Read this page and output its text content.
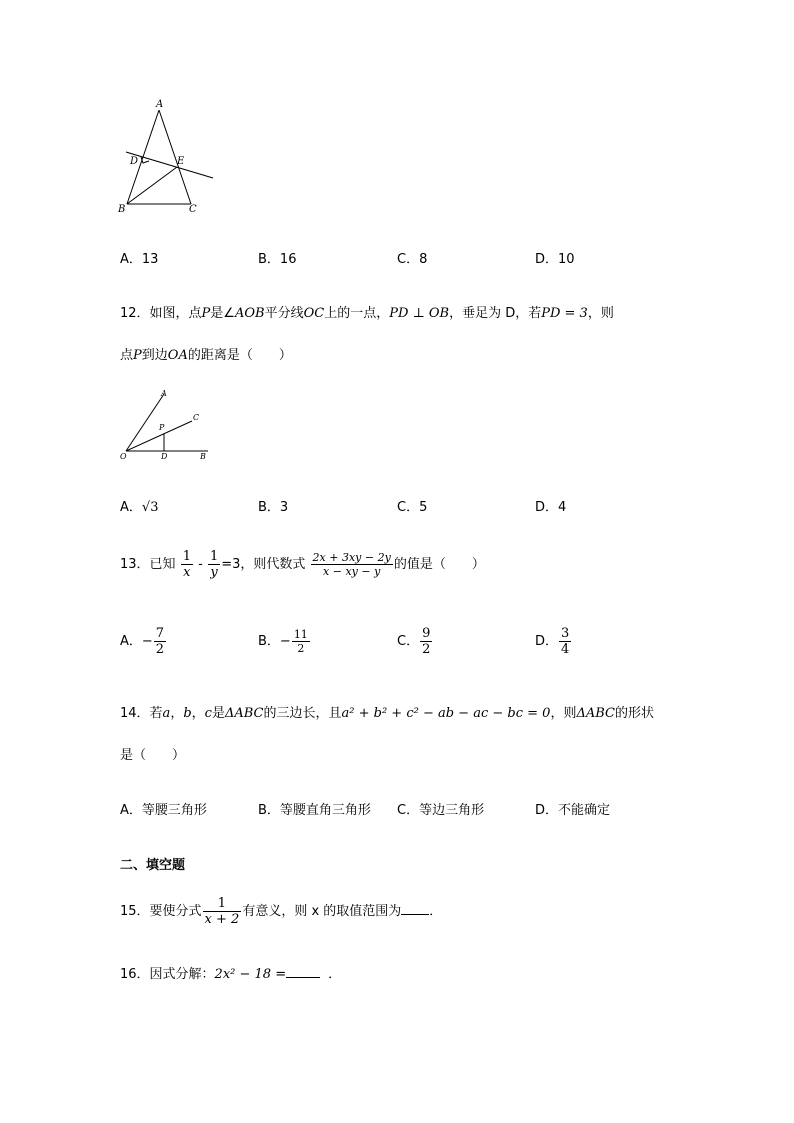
A
D	E
B	C
A．13	B．16	C．8	D．10
12．如图，点P是∠AOB平分线OC上的一点，PD ⊥ OB，垂足为 D，若PD = 3，则
点P到边OA的距离是（　　）
A
C
P
O	D	B
A．√3	B．3	C．5	D．4
13．已知 $\frac{1}{x} - \frac{1}{y} =3$，则代数式 $\frac{2x + 3xy - 2y}{x - xy - y}$ 的值是（　　）
A．− $\frac{7}{2}$	B．− $\frac{11}{2}$	C． $\frac{9}{2}$	D． $\frac{3}{4}$
14．若a，b，c是ΔABC的三边长，且a² + b² + c² − ab − ac − bc = 0，则ΔABC的形状
是（　　）
A．等腰三角形	B．等腰直角三角形 C．等边三角形	D．不能确定
二、填空题
15．要使分式 $\frac{1}{x + 2}$ 有意义，则 x 的取值范围为 ．
16．因式分解：2x² − 18 =	．
